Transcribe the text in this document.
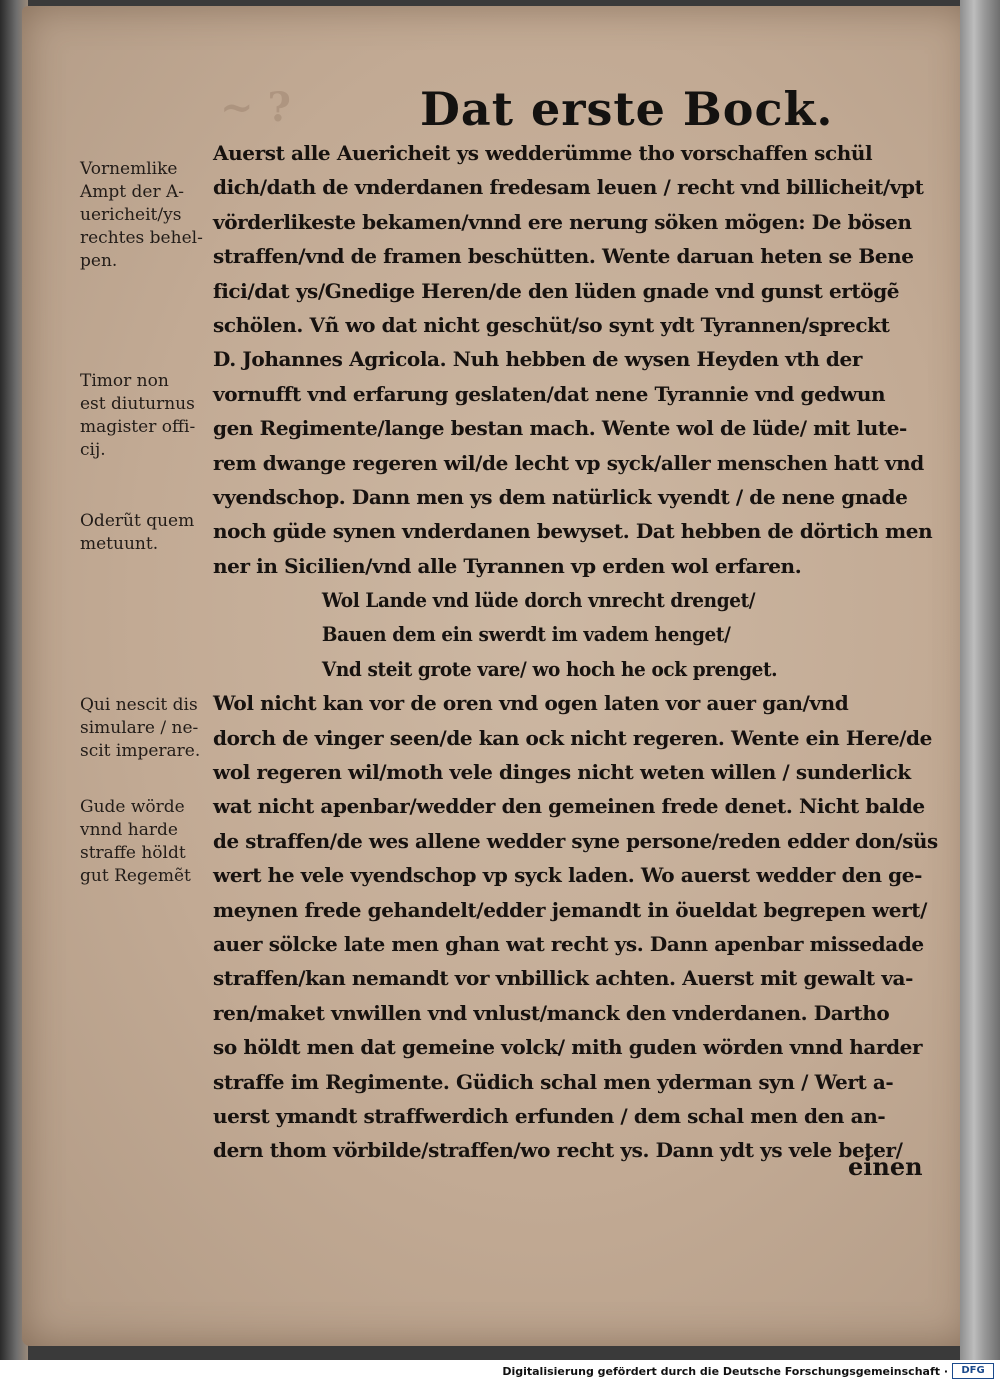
~ ?	Dat erste Bock.
Vornemlike
Ampt der A-
uericheit/ys
rechtes behel-
pen.
Timor non
est diuturnus
magister offi-
cij.
Oderũt quem
metuunt.
Qui nescit dis
simulare / ne-
scit imperare.
Gude wörde
vnnd harde
straffe höldt
gut Regemẽt
Auerst alle Auericheit ys wedderümme tho vorschaffen schül
dich/dath de vnderdanen fredesam leuen / recht vnd billicheit/vpt
vörderlikeste bekamen/vnnd ere nerung söken mögen: De bösen
straffen/vnd de framen beschütten. Wente daruan heten se Bene
fici/dat ys/Gnedige Heren/de den lüden gnade vnd gunst ertögẽ
schölen. Vñ wo dat nicht geschüt/so synt ydt Tyrannen/spreckt
D. Johannes Agricola. Nuh hebben de wysen Heyden vth der
vornufft vnd erfarung geslaten/dat nene Tyrannie vnd gedwun
gen Regimente/lange bestan mach. Wente wol de lüde/ mit lute-
rem dwange regeren wil/de lecht vp syck/aller menschen hatt vnd
vyendschop. Dann men ys dem natürlick vyendt / de nene gnade
noch güde synen vnderdanen bewyset. Dat hebben de dörtich men
ner in Sicilien/vnd alle Tyrannen vp erden wol erfaren.
Wol Lande vnd lüde dorch vnrecht drenget/
Bauen dem ein swerdt im vadem henget/
Vnd steit grote vare/ wo hoch he ock prenget.
Wol nicht kan vor de oren vnd ogen laten vor auer gan/vnd
dorch de vinger seen/de kan ock nicht regeren. Wente ein Here/de
wol regeren wil/moth vele dinges nicht weten willen / sunderlick
wat nicht apenbar/wedder den gemeinen frede denet. Nicht balde
de straffen/de wes allene wedder syne persone/reden edder don/süs
wert he vele vyendschop vp syck laden. Wo auerst wedder den ge-
meynen frede gehandelt/edder jemandt in öueldat begrepen wert/
auer sölcke late men ghan wat recht ys. Dann apenbar missedade
straffen/kan nemandt vor vnbillick achten. Auerst mit gewalt va-
ren/maket vnwillen vnd vnlust/manck den vnderdanen. Dartho
so höldt men dat gemeine volck/ mith guden wörden vnnd harder
straffe im Regimente. Güdich schal men yderman syn / Wert a-
uerst ymandt straffwerdich erfunden / dem schal men den an-
dern thom vörbilde/straffen/wo recht ys. Dann ydt ys vele beter/
einen
Digitalisierung gefördert durch die Deutsche Forschungsgemeinschaft ·	DFG
